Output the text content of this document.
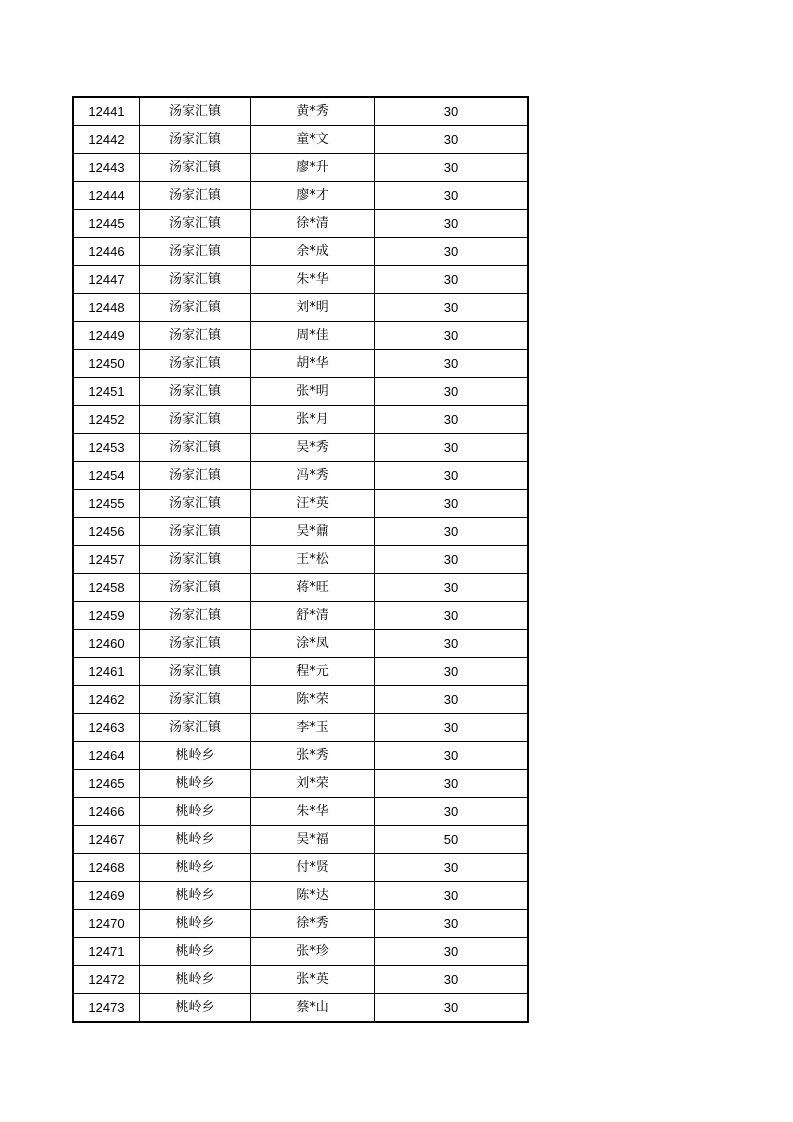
12441	汤家汇镇	黄*秀	30
12442	汤家汇镇	童*文	30
12443	汤家汇镇	廖*升	30
12444	汤家汇镇	廖*才	30
12445	汤家汇镇	徐*清	30
12446	汤家汇镇	余*成	30
12447	汤家汇镇	朱*华	30
12448	汤家汇镇	刘*明	30
12449	汤家汇镇	周*佳	30
12450	汤家汇镇	胡*华	30
12451	汤家汇镇	张*明	30
12452	汤家汇镇	张*月	30
12453	汤家汇镇	吴*秀	30
12454	汤家汇镇	冯*秀	30
12455	汤家汇镇	汪*英	30
12456	汤家汇镇	吴*鼐	30
12457	汤家汇镇	王*松	30
12458	汤家汇镇	蒋*旺	30
12459	汤家汇镇	舒*清	30
12460	汤家汇镇	涂*凤	30
12461	汤家汇镇	程*元	30
12462	汤家汇镇	陈*荣	30
12463	汤家汇镇	李*玉	30
12464	桃岭乡	张*秀	30
12465	桃岭乡	刘*荣	30
12466	桃岭乡	朱*华	30
12467	桃岭乡	吴*福	50
12468	桃岭乡	付*贤	30
12469	桃岭乡	陈*达	30
12470	桃岭乡	徐*秀	30
12471	桃岭乡	张*珍	30
12472	桃岭乡	张*英	30
12473	桃岭乡	蔡*山	30
